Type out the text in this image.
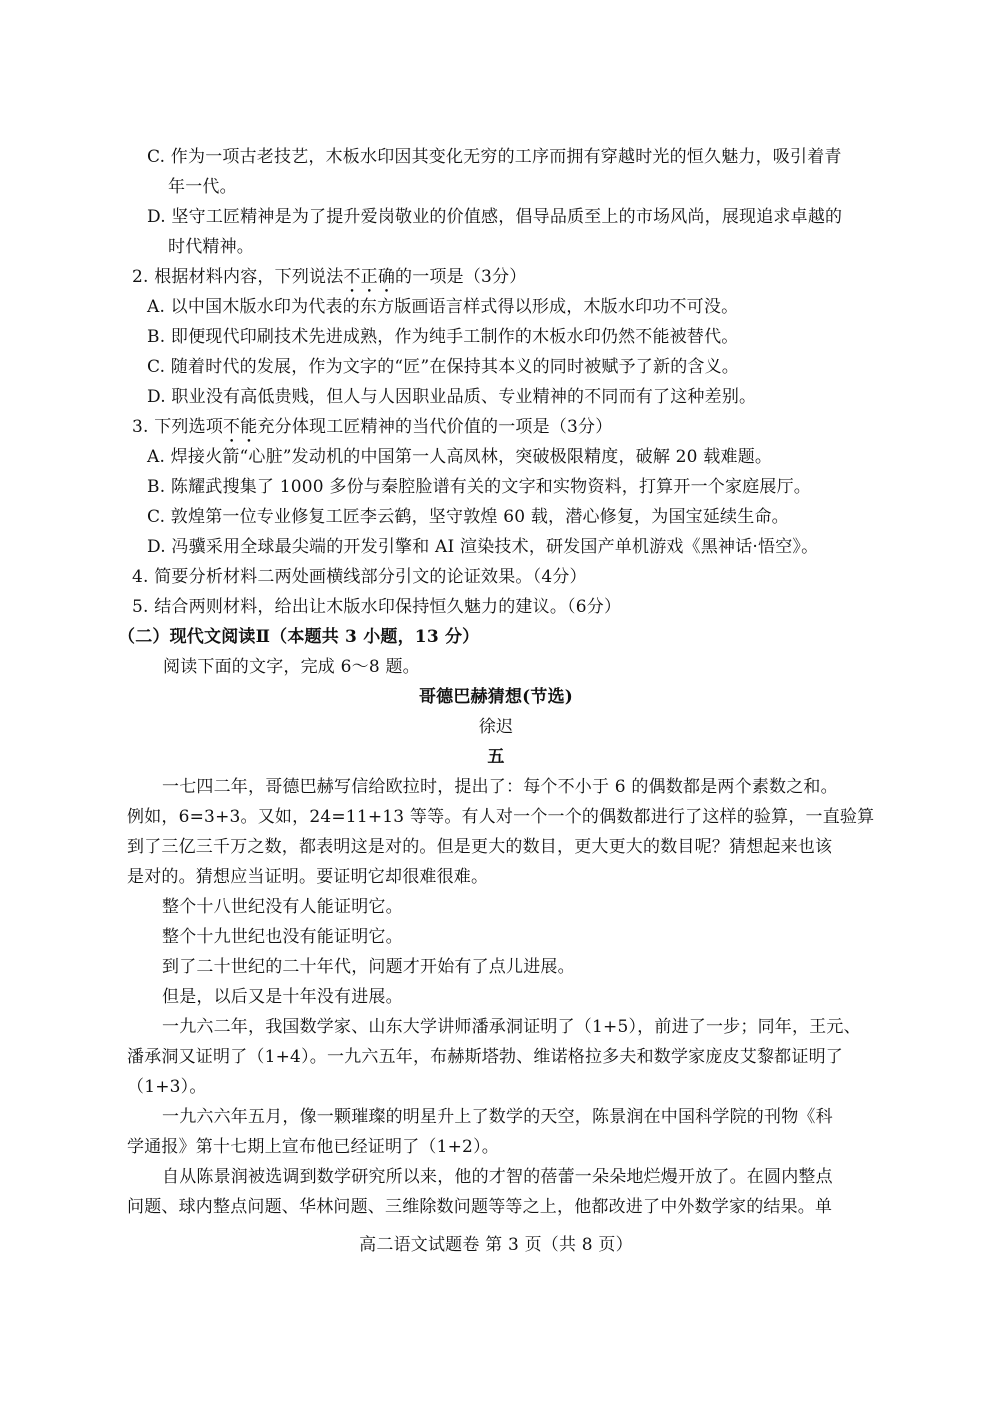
C. 作为一项古老技艺，木板水印因其变化无穷的工序而拥有穿越时光的恒久魅力，吸引着青
年一代。
D. 坚守工匠精神是为了提升爱岗敬业的价值感，倡导品质至上的市场风尚，展现追求卓越的
时代精神。
2. 根据材料内容，下列说法不正确的一项是（3分）
A. 以中国木版水印为代表的东方版画语言样式得以形成，木版水印功不可没。
B. 即便现代印刷技术先进成熟，作为纯手工制作的木板水印仍然不能被替代。
C. 随着时代的发展，作为文字的“匠”在保持其本义的同时被赋予了新的含义。
D. 职业没有高低贵贱，但人与人因职业品质、专业精神的不同而有了这种差别。
3. 下列选项不能充分体现工匠精神的当代价值的一项是（3分）
A. 焊接火箭“心脏”发动机的中国第一人高凤林，突破极限精度，破解 20 载难题。
B. 陈耀武搜集了 1000 多份与秦腔脸谱有关的文字和实物资料，打算开一个家庭展厅。
C. 敦煌第一位专业修复工匠李云鹤，坚守敦煌 60 载，潜心修复，为国宝延续生命。
D. 冯骥采用全球最尖端的开发引擎和 AI 渲染技术，研发国产单机游戏《黑神话·悟空》。
4. 简要分析材料二两处画横线部分引文的论证效果。（4分）
5. 结合两则材料，给出让木版水印保持恒久魅力的建议。（6分）
（二）现代文阅读Ⅱ（本题共 3 小题，13 分）
阅读下面的文字，完成 6～8 题。
哥德巴赫猜想(节选)
徐迟
五
一七四二年，哥德巴赫写信给欧拉时，提出了：每个不小于 6 的偶数都是两个素数之和。
例如，6=3+3。又如，24=11+13 等等。有人对一个一个的偶数都进行了这样的验算，一直验算
到了三亿三千万之数，都表明这是对的。但是更大的数目，更大更大的数目呢？猜想起来也该
是对的。猜想应当证明。要证明它却很难很难。
整个十八世纪没有人能证明它。
整个十九世纪也没有能证明它。
到了二十世纪的二十年代，问题才开始有了点儿进展。
但是，以后又是十年没有进展。
一九六二年，我国数学家、山东大学讲师潘承洞证明了（1+5），前进了一步；同年，王元、
潘承洞又证明了（1+4）。一九六五年，布赫斯塔勃、维诺格拉多夫和数学家庞皮艾黎都证明了
（1+3）。
一九六六年五月，像一颗璀璨的明星升上了数学的天空，陈景润在中国科学院的刊物《科
学通报》第十七期上宣布他已经证明了（1+2）。
自从陈景润被选调到数学研究所以来，他的才智的蓓蕾一朵朵地烂熳开放了。在圆内整点
问题、球内整点问题、华林问题、三维除数问题等等之上，他都改进了中外数学家的结果。单
高二语文试题卷 第 3 页（共 8 页）
